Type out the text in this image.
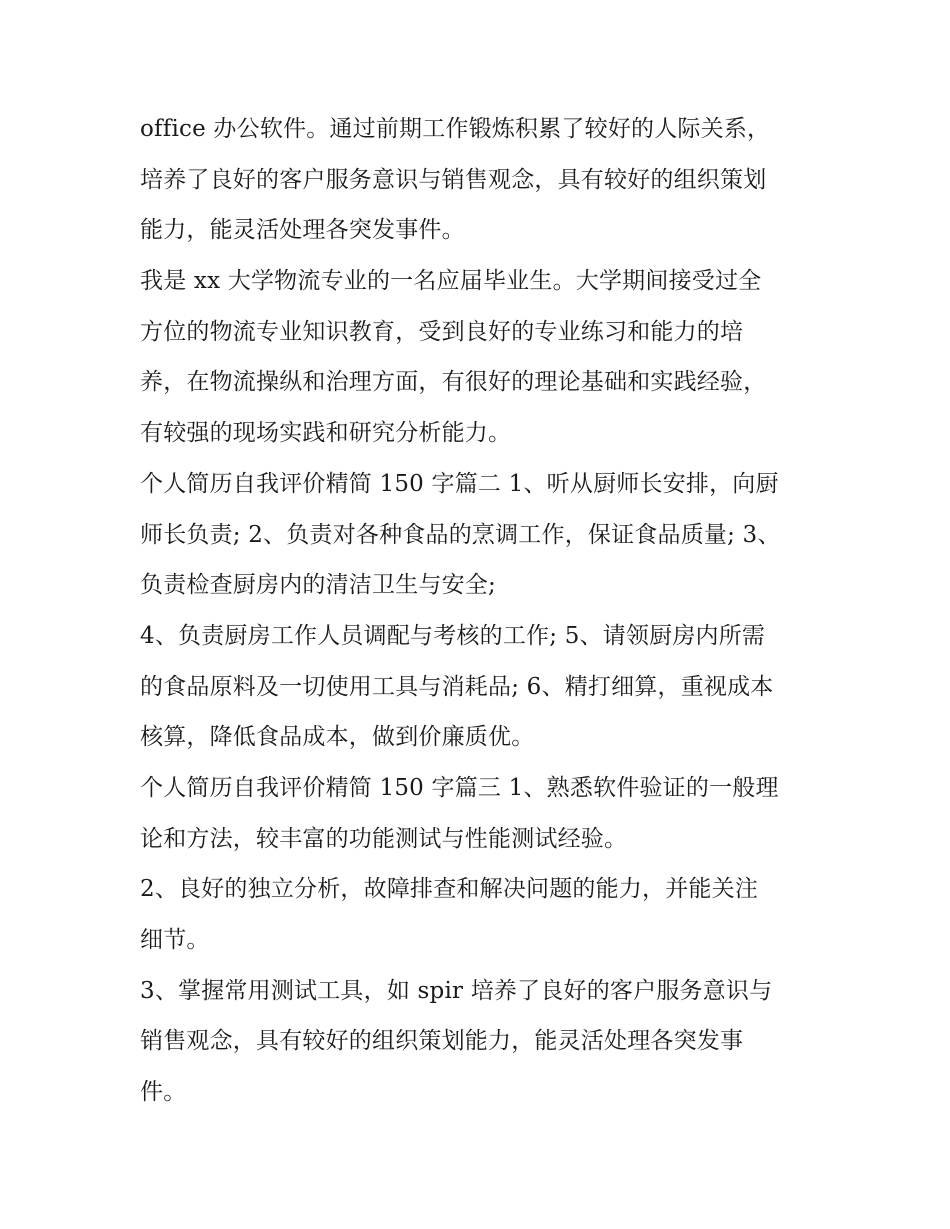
office 办公软件。通过前期工作锻炼积累了较好的人际关系，
培养了良好的客户服务意识与销售观念，具有较好的组织策划
能力，能灵活处理各突发事件。
我是 xx 大学物流专业的一名应届毕业生。大学期间接受过全
方位的物流专业知识教育，受到良好的专业练习和能力的培
养，在物流操纵和治理方面，有很好的理论基础和实践经验，
有较强的现场实践和研究分析能力。
个人简历自我评价精简 150 字篇二 1、听从厨师长安排，向厨
师长负责; 2、负责对各种食品的烹调工作，保证食品质量; 3、
负责检查厨房内的清洁卫生与安全;
4、负责厨房工作人员调配与考核的工作; 5、请领厨房内所需
的食品原料及一切使用工具与消耗品; 6、精打细算，重视成本
核算，降低食品成本，做到价廉质优。
个人简历自我评价精简 150 字篇三 1、熟悉软件验证的一般理
论和方法，较丰富的功能测试与性能测试经验。
2、良好的独立分析，故障排查和解决问题的能力，并能关注
细节。
3、掌握常用测试工具，如 spir 培养了良好的客户服务意识与
销售观念，具有较好的组织策划能力，能灵活处理各突发事
件。
